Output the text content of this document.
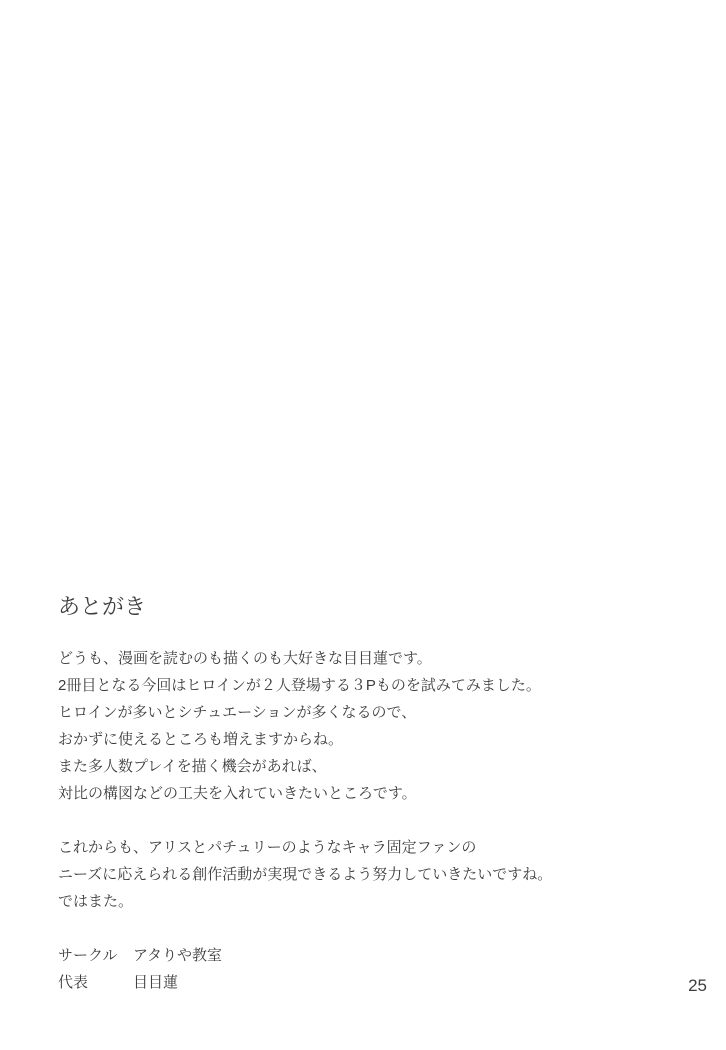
あとがき
どうも、漫画を読むのも描くのも大好きな目目蓮です。
2冊目となる今回はヒロインが２人登場する３Pものを試みてみました。
ヒロインが多いとシチュエーションが多くなるので、
おかずに使えるところも増えますからね。
また多人数プレイを描く機会があれば、
対比の構図などの工夫を入れていきたいところです。
これからも、アリスとパチュリーのようなキャラ固定ファンの
ニーズに応えられる創作活動が実現できるよう努力していきたいですね。
ではまた。
サークル	アタりや教室
代表	目目蓮	25
